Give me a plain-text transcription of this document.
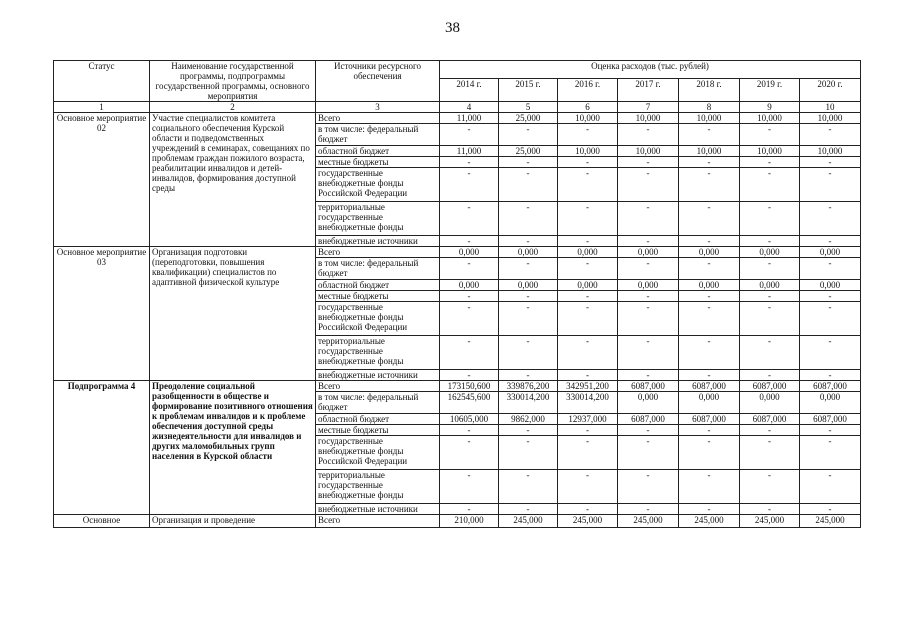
38
Статус	Наименование государственной программы, подпрограммы государственной программы, основного мероприятия	Источники ресурсного обеспечения	Оценка расходов (тыс. рублей)						
			2014 г.	2015 г.	2016 г.	2017 г.	2018 г.	2019 г.	2020 г.
1	2	3	4	5	6	7	8	9	10
Основное мероприятие 02	Участие специалистов комитета социального обеспечения Курской области и подведомственных учреждений в семинарах, совещаниях по проблемам граждан пожилого возраста, реабилитации инвалидов и детей-инвалидов, формирования доступной среды	Всего	11,000	25,000	10,000	10,000	10,000	10,000	10,000
		в том числе: федеральный бюджет	-	-	-	-	-	-	-
		областной бюджет	11,000	25,000	10,000	10,000	10,000	10,000	10,000
		местные бюджеты	-	-	-	-	-	-	-
		государственные внебюджетные фонды Российской Федерации	-	-	-	-	-	-	-
		территориальные государственные внебюджетные фонды	-	-	-	-	-	-	-
		внебюджетные источники	-	-	-	-	-	-	-
Основное мероприятие 03	Организация подготовки (переподготовки, повышения квалификации) специалистов по адаптивной физической культуре	Всего	0,000	0,000	0,000	0,000	0,000	0,000	0,000
		в том числе: федеральный бюджет	-	-	-	-	-	-	-
		областной бюджет	0,000	0,000	0,000	0,000	0,000	0,000	0,000
		местные бюджеты	-	-	-	-	-	-	-
		государственные внебюджетные фонды Российской Федерации	-	-	-	-	-	-	-
		территориальные государственные внебюджетные фонды	-	-	-	-	-	-	-
		внебюджетные источники	-	-	-	-	-	-	-
Подпрограмма 4	Преодоление социальной разобщенности в обществе и формирование позитивного отношения к проблемам инвалидов и к проблеме обеспечения доступной среды жизнедеятельности для инвалидов и других маломобильных групп населения в Курской области	Всего	173150,600	339876,200	342951,200	6087,000	6087,000	6087,000	6087,000
		в том числе: федеральный бюджет	162545,600	330014,200	330014,200	0,000	0,000	0,000	0,000
		областной бюджет	10605,000	9862,000	12937,000	6087,000	6087,000	6087,000	6087,000
		местные бюджеты	-	-	-	-	-	-	-
		государственные внебюджетные фонды Российской Федерации	-	-	-	-	-	-	-
		территориальные государственные внебюджетные фонды	-	-	-	-	-	-	-
		внебюджетные источники	-	-	-	-	-	-	-
Основное	Организация и проведение	Всего	210,000	245,000	245,000	245,000	245,000	245,000	245,000
